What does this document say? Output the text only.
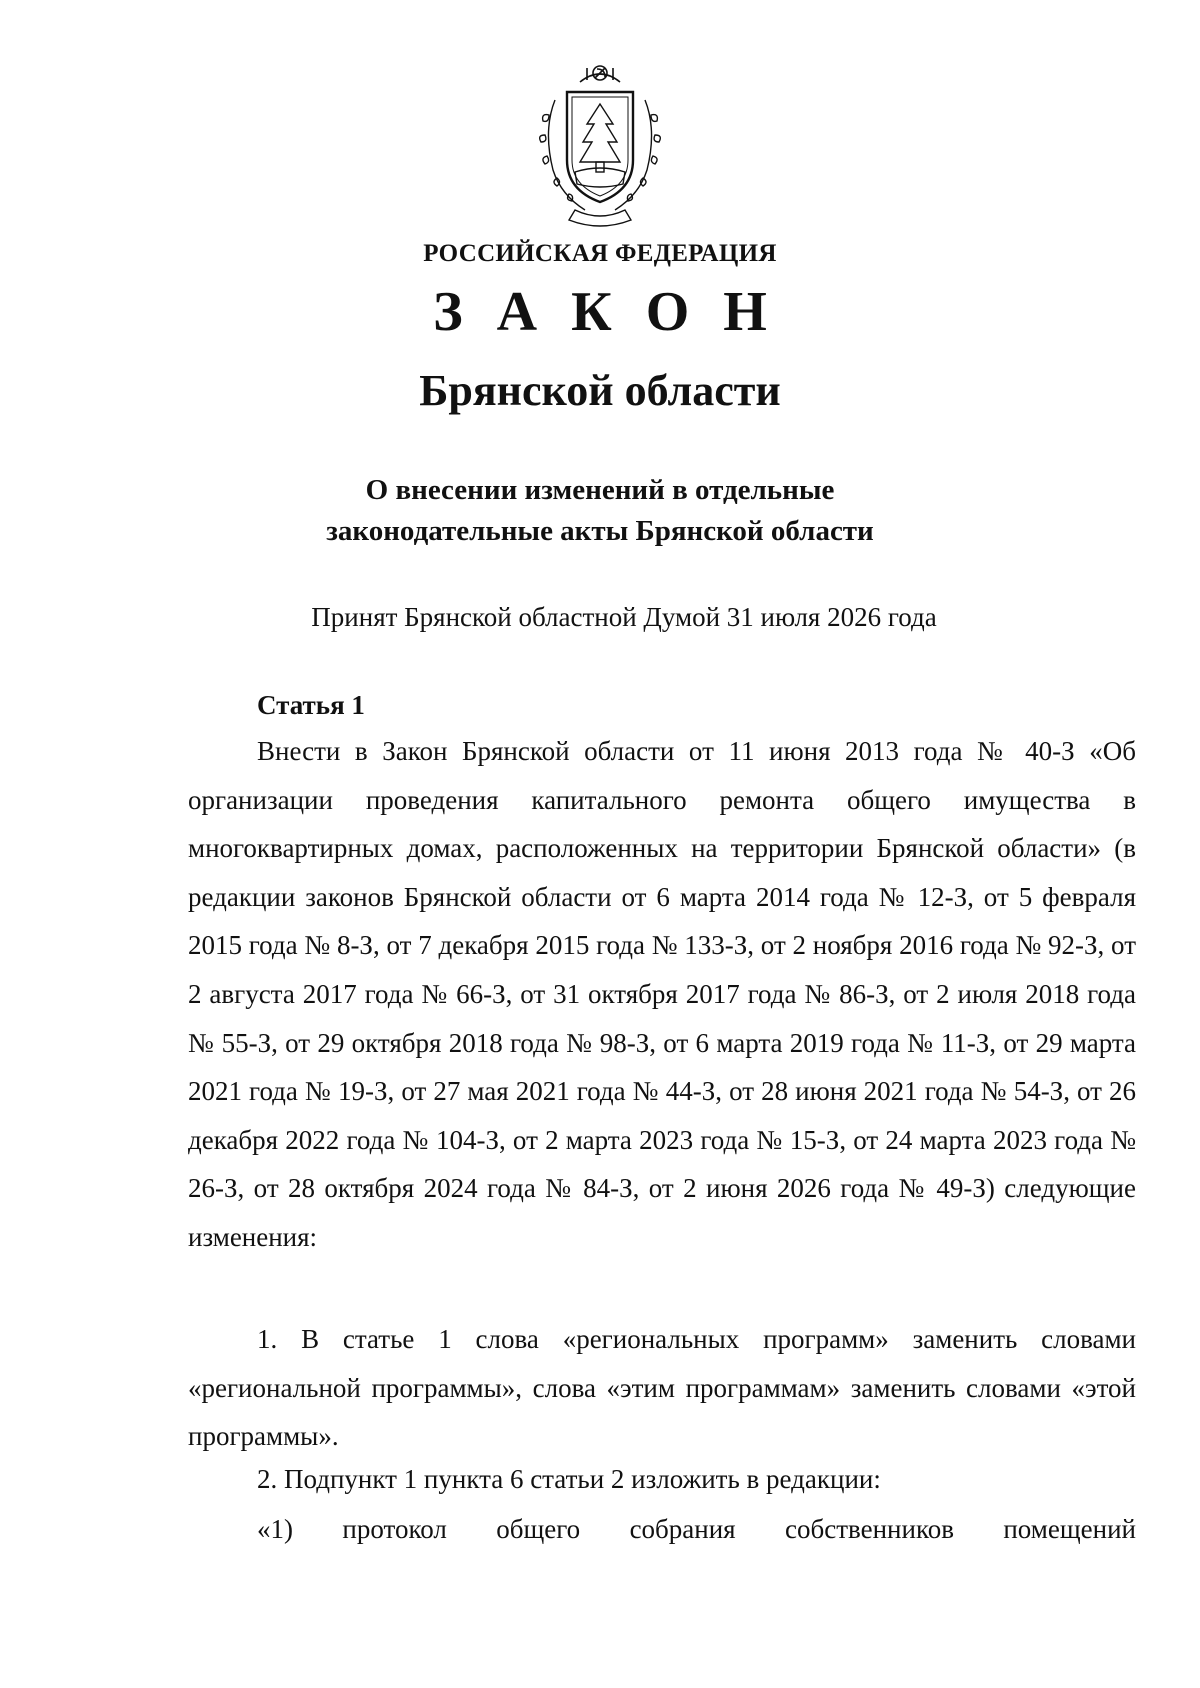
РОССИЙСКАЯ ФЕДЕРАЦИЯ
З А К О Н
Брянской области
О внесении изменений в отдельные
законодательные акты Брянской области
Принят Брянской областной Думой 31 июля 2026 года
Статья 1
Внести в Закон Брянской области от 11 июня 2013 года № 40-З «Об организации проведения капитального ремонта общего имущества в многоквартирных домах, расположенных на территории Брянской области» (в редакции законов Брянской области от 6 марта 2014 года № 12-З, от 5 февраля 2015 года № 8-З, от 7 декабря 2015 года № 133-З, от 2 ноября 2016 года № 92-З, от 2 августа 2017 года № 66-З, от 31 октября 2017 года № 86-З, от 2 июля 2018 года № 55-З, от 29 октября 2018 года № 98-З, от 6 марта 2019 года № 11-З, от 29 марта 2021 года № 19-З, от 27 мая 2021 года № 44-З, от 28 июня 2021 года № 54-З, от 26 декабря 2022 года № 104-З, от 2 марта 2023 года № 15-З, от 24 марта 2023 года № 26-З, от 28 октября 2024 года № 84-З, от 2 июня 2026 года № 49-З) следующие изменения:
1. В статье 1 слова «региональных программ» заменить словами «региональной программы», слова «этим программам» заменить словами «этой программы».
2. Подпункт 1 пункта 6 статьи 2 изложить в редакции:
«1) протокол общего собрания собственников помещений
